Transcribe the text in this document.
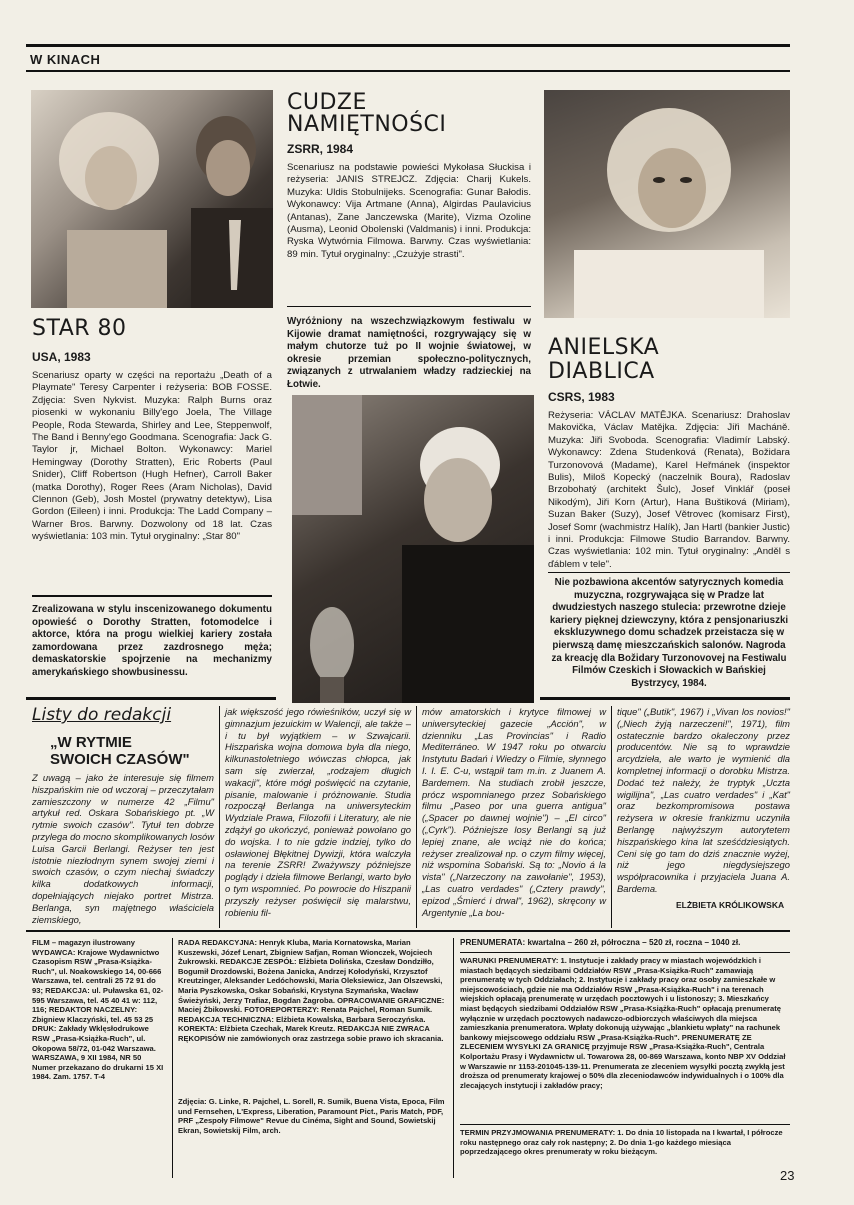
W KINACH
STAR 80
USA, 1983
Scenariusz oparty w części na reportażu „Death of a Playmate" Teresy Carpenter i reżyseria: BOB FOSSE. Zdjęcia: Sven Nykvist. Muzyka: Ralph Burns oraz piosenki w wykonaniu Billy'ego Joela, The Village People, Roda Stewarda, Shirley and Lee, Steppenwolf, The Band i Benny'ego Goodmana. Scenografia: Jack G. Taylor jr, Michael Bolton. Wykonawcy: Mariel Hemingway (Dorothy Stratten), Eric Roberts (Paul Snider), Cliff Robertson (Hugh Hefner), Carroll Baker (matka Dorothy), Roger Rees (Aram Nicholas), David Clennon (Geb), Josh Mostel (prywatny detektyw), Lisa Gordon (Eileen) i inni. Produkcja: The Ladd Company – Warner Bros. Barwny. Dozwolony od 18 lat. Czas wyświetlania: 103 min. Tytuł oryginalny: „Star 80"
Zrealizowana w stylu inscenizowanego dokumentu opowieść o Dorothy Stratten, fotomodelce i aktorce, która na progu wielkiej kariery została zamordowana przez zazdrosnego męża; demaskatorskie spojrzenie na mechanizmy amerykańskiego showbusinessu.
CUDZE
NAMIĘTNOŚCI
ZSRR, 1984
Scenariusz na podstawie powieści Mykołasa Słuckisa i reżyseria: JANIS STREJCZ. Zdjęcia: Charij Kukels. Muzyka: Uldis Stobulnijeks. Scenografia: Gunar Bałodis. Wykonawcy: Vija Artmane (Anna), Algirdas Paulavicius (Antanas), Zane Janczewska (Marite), Vizma Ozoline (Ausma), Leonid Obolenski (Valdmanis) i inni. Produkcja: Ryska Wytwórnia Filmowa. Barwny. Czas wyświetlania: 89 min. Tytuł oryginalny: „Czużyje strasti".
Wyróżniony na wszechzwiązkowym festiwalu w Kijowie dramat namiętności, rozgrywający się w małym chutorze tuż po II wojnie światowej, w okresie przemian społeczno-politycznych, związanych z utrwalaniem władzy radzieckiej na Łotwie.
ANIELSKA
DIABLICA
CSRS, 1983
Reżyseria: VÁCLAV MATĚJKA. Scenariusz: Drahoslav Makovička, Václav Matějka. Zdjęcia: Jiři Macháně. Muzyka: Jiři Svoboda. Scenografia: Vladimír Labský. Wykonawcy: Zdena Studenková (Renata), Božidara Turzonovová (Madame), Karel Heřmánek (inspektor Bulis), Miloš Kopecký (naczelnik Boura), Radoslav Brzobohatý (architekt Šulc), Josef Vinklář (poseł Nikodým), Jiři Korn (Artur), Hana Buštiková (Miriam), Suzan Baker (Suzy), Josef Větrovec (komisarz First), Josef Somr (wachmistrz Halík), Jan Hartl (bankier Justic) i inni. Produkcja: Filmowe Studio Barrandov. Barwny. Czas wyświetlania: 102 min. Tytuł oryginalny: „Anděl s ďáblem v tele".
Nie pozbawiona akcentów satyrycznych komedia muzyczna, rozgrywająca się w Pradze lat dwudziestych naszego stulecia: przewrotne dzieje kariery pięknej dziewczyny, która z pensjonariuszki ekskluzywnego domu schadzek przeistacza się w pierwszą damę mieszczańskich salonów. Nagroda za kreację dla Božidary Turzonovovej na Festiwalu Filmów Czeskich i Słowackich w Bańskiej Bystrzycy, 1984.
Listy do redakcji
„W RYTMIE
SWOICH CZASÓW"
Z uwagą – jako że interesuje się filmem hiszpańskim nie od wczoraj – przeczytałam zamieszczony w numerze 42 „Filmu" artykuł red. Oskara Sobańskiego pt. „W rytmie swoich czasów". Tytuł ten dobrze przylega do mocno skomplikowanych losów Luisa Garcii Berlangi. Reżyser ten jest istotnie niezłodnym synem swojej ziemi i swoich czasów, o czym niechaj świadczy kilka dodatkowych informacji, dopełniających niejako portret Mistrza. Berlanga, syn majętnego właściciela ziemskiego,
jak większość jego rówieśników, uczył się w gimnazjum jezuickim w Walencji, ale także – i tu był wyjątkiem – w Szwajcarii. Hiszpańska wojna domowa była dla niego, kilkunastoletniego wówczas chłopca, jak sam się zwierzał, „rodzajem długich wakacji", które mógł poświęcić na czytanie, pisanie, malowanie i próżnowanie. Studia rozpoczął Berlanga na uniwersyteckim Wydziale Prawa, Filozofii i Literatury, ale nie zdążył go ukończyć, ponieważ powołano go do wojska. I to nie gdzie indziej, tylko do osławionej Błękitnej Dywizji, która walczyła na terenie ZSRR! Zważywszy późniejsze poglądy i dzieła filmowe Berlangi, warto było o tym wspomnieć. Po powrocie do Hiszpanii przyszły reżyser poświęcił się malarstwu, robieniu fil-
mów amatorskich i krytyce filmowej w uniwersyteckiej gazecie „Acción", w dzienniku „Las Provincias" i Radio Mediterráneo. W 1947 roku po otwarciu Instytutu Badań i Wiedzy o Filmie, słynnego I. I. E. C-u, wstąpił tam m.in. z Juanem A. Bardemem. Na studiach zrobił jeszcze, prócz wspomnianego przez Sobańskiego filmu „Paseo por una guerra antigua" („Spacer po dawnej wojnie") – „El circo" („Cyrk"). Późniejsze losy Berlangi są już lepiej znane, ale wciąż nie do końca; reżyser zrealizował np. o czym filmy więcej, niż wspomina Sobański. Są to: „Novio á la vista" („Narzeczony na zawołanie", 1953), „Las cuatro verdades" („Cztery prawdy", epizod „Śmierć i drwal", 1962), skręcony w Argentynie „La bou-
tique" („Butik", 1967) i „Vivan los novios!" („Niech żyją narzeczeni!", 1971), film ostatecznie bardzo okaleczony przez producentów. Nie są to wprawdzie arcydzieła, ale warto je wymienić dla kompletnej informacji o dorobku Mistrza. Dodać też należy, że tryptyk „Uczta wigilijna", „Las cuatro verdades" i „Kat" oraz bezkompromisowa postawa reżysera w okresie frankizmu uczyniła Berlangę najwyższym autorytetem hiszpańskiego kina lat sześćdziesiątych. Ceni się go tam do dziś znacznie wyżej, niż jego niegdysiejszego współpracownika i przyjaciela Juana A. Bardema.
ELŻBIETA KRÓLIKOWSKA
FILM – magazyn ilustrowany WYDAWCA: Krajowe Wydawnictwo Czasopism RSW „Prasa-Książka-Ruch", ul. Noakowskiego 14, 00-666 Warszawa, tel. centrali 25 72 91 do 93; REDAKCJA: ul. Puławska 61, 02-595 Warszawa, tel. 45 40 41 w: 112, 116; REDAKTOR NACZELNY: Zbigniew Klaczyński, tel. 45 53 25 DRUK: Zakłady Wklęsłodrukowe RSW „Prasa-Książka-Ruch", ul. Okopowa 58/72, 01-042 Warszawa. WARSZAWA, 9 XII 1984, NR 50 Numer przekazano do drukarni 15 XI 1984. Zam. 1757. T-4
RADA REDAKCYJNA: Henryk Kluba, Maria Kornatowska, Marian Kuszewski, Józef Lenart, Zbigniew Safjan, Roman Wionczek, Wojciech Żukrowski. REDAKCJE ZESPÓŁ: Elżbieta Dolińska, Czesław Dondziłło, Bogumił Drozdowski, Bożena Janicka, Andrzej Kołodyński, Krzysztof Kreutzinger, Aleksander Ledóchowski, Maria Oleksiewicz, Jan Olszewski, Maria Pyszkowska, Oskar Sobański, Krystyna Szymańska, Wacław Świeżyński, Jerzy Trafiaz, Bogdan Żagroba. OPRACOWANIE GRAFICZNE: Maciej Żbikowski. FOTOREPORTERZY: Renata Pajchel, Roman Sumik. REDAKCJA TECHNICZNA: Elżbieta Kowalska, Barbara Seroczyńska. KOREKTA: Elżbieta Czechak, Marek Kreutz. REDAKCJA NIE ZWRACA RĘKOPISÓW nie zamówionych oraz zastrzega sobie prawo ich skracania.
Zdjęcia: G. Linke, R. Pajchel, L. Sorell, R. Sumik, Buena Vista, Epoca, Film und Fernsehen, L'Express, Liberation, Paramount Pict., Paris Match, PDF, PRF „Zespoły Filmowe" Revue du Cinéma, Sight and Sound, Sowietskij Ekran, Sowietskij Film, arch.
PRENUMERATA: kwartalna – 260 zł, półroczna – 520 zł, roczna – 1040 zł.
WARUNKI PRENUMERATY: 1. Instytucje i zakłady pracy w miastach wojewódzkich i miastach będących siedzibami Oddziałów RSW „Prasa-Książka-Ruch" zamawiają prenumeratę w tych Oddziałach; 2. Instytucje i zakłady pracy oraz osoby zamieszkałe w miejscowościach, gdzie nie ma Oddziałów RSW „Prasa-Książka-Ruch" i na terenach wiejskich opłacają prenumeratę w urzędach pocztowych i u listonoszy; 3. Mieszkańcy miast będących siedzibami Oddziałów RSW „Prasa-Książka-Ruch" opłacają prenumeratę wyłącznie w urzędach pocztowych nadawczo-odbiorczych właściwych dla miejsca zamieszkania prenumeratora. Wpłaty dokonują używając „blankietu wpłaty" na rachunek bankowy miejscowego oddziału RSW „Prasa-Książka-Ruch". PRENUMERATĘ ZE ZLECENIEM WYSYŁKI ZA GRANICĘ przyjmuje RSW „Prasa-Książka-Ruch", Centrala Kolportażu Prasy i Wydawnictw ul. Towarowa 28, 00-869 Warszawa, konto NBP XV Oddział w Warszawie nr 1153-201045-139-11. Prenumerata ze zleceniem wysyłki pocztą zwykłą jest droższa od prenumeraty krajowej o 50% dla zleceniodawców indywidualnych i o 100% dla zlecających instytucji i zakładów pracy;
TERMIN PRZYJMOWANIA PRENUMERATY: 1. Do dnia 10 listopada na I kwartał, I półrocze roku następnego oraz cały rok następny; 2. Do dnia 1-go każdego miesiąca poprzedzającego okres prenumeraty w roku bieżącym.
23
